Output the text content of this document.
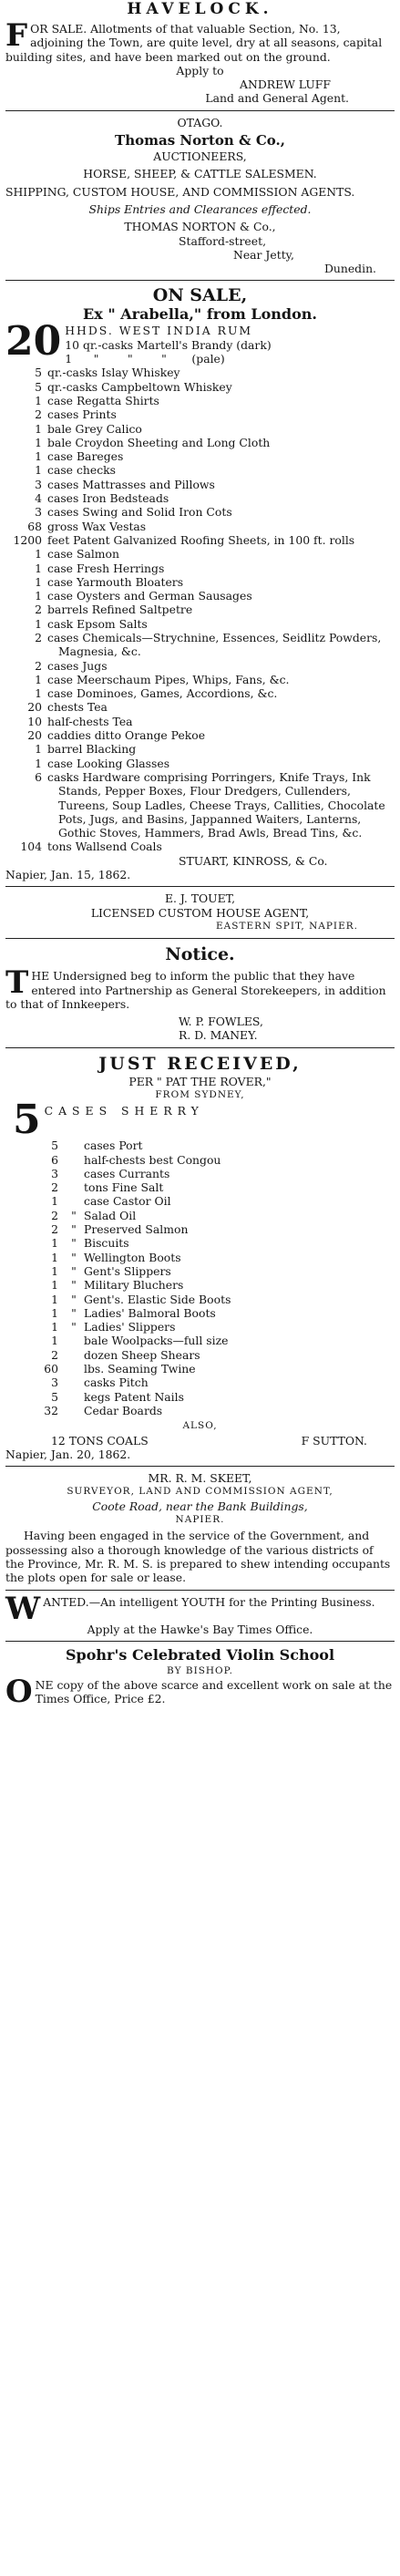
HAVELOCK.
F OR SALE. Allotments of that valuable Section, No. 13, adjoining the Town, are quite level, dry at all seasons, capital building sites, and have been marked out on the ground.
Apply to
ANDREW LUFF
Land and General Agent.
OTAGO.
Thomas Norton & Co.,
AUCTIONEERS,
HORSE, SHEEP, & CATTLE SALESMEN.
SHIPPING, CUSTOM HOUSE, AND COMMISSION AGENTS.
Ships Entries and Clearances effected.
THOMAS NORTON & Co.,
Stafford-street,
Near Jetty,
Dunedin.
ON SALE,
Ex " Arabella," from London.
20 HHDS. WEST INDIA RUM
10 qr.-casks Martell's Brandy (dark)
1      "        "        "       (pale)
5 qr.-casks Islay Whiskey
5 qr.-casks Campbeltown Whiskey
1 case Regatta Shirts
2 cases Prints
1 bale Grey Calico
1 bale Croydon Sheeting and Long Cloth
1 case Bareges
1 case checks
3 cases Mattrasses and Pillows
4 cases Iron Bedsteads
3 cases Swing and Solid Iron Cots
68 gross Wax Vestas
1200 feet Patent Galvanized Roofing Sheets, in 100 ft. rolls
1 case Salmon
1 case Fresh Herrings
1 case Yarmouth Bloaters
1 case Oysters and German Sausages
2 barrels Refined Saltpetre
1 cask Epsom Salts
2 cases Chemicals—Strychnine, Essences, Seidlitz Powders, Magnesia, &c.
2 cases Jugs
1 case Meerschaum Pipes, Whips, Fans, &c.
1 case Dominoes, Games, Accordions, &c.
20 chests Tea
10 half-chests Tea
20 caddies ditto Orange Pekoe
1 barrel Blacking
1 case Looking Glasses
6 casks Hardware comprising Porringers, Knife Trays, Ink Stands, Pepper Boxes, Flour Dredgers, Cullenders, Tureens, Soup Ladles, Cheese Trays, Callities, Chocolate Pots, Jugs, and Basins, Jappanned Waiters, Lanterns, Gothic Stoves, Hammers, Brad Awls, Bread Tins, &c.
104 tons Wallsend Coals
STUART, KINROSS, & Co.
Napier, Jan. 15, 1862.
E. J. TOUET,
LICENSED CUSTOM HOUSE AGENT,
EASTERN SPIT, NAPIER.
Notice.
T HE Undersigned beg to inform the public that they have entered into Partnership as General Storekeepers, in addition to that of Innkeepers.
W. P. FOWLES,
R. D. MANEY.
JUST RECEIVED,
PER " PAT THE ROVER,"
FROM SYDNEY,
5 CASES SHERRY
5	cases Port
6	half-chests best Congou
3	cases Currants
2	tons Fine Salt
1	case Castor Oil
2	" Salad Oil
2	" Preserved Salmon
1	" Biscuits
1	" Wellington Boots
1	" Gent's Slippers
1	" Military Bluchers
1	" Gent's. Elastic Side Boots
1	" Ladies' Balmoral Boots
1	" Ladies' Slippers
1	bale Woolpacks—full size
2	dozen Sheep Shears
60	lbs. Seaming Twine
3	casks Pitch
5	kegs Patent Nails
32	Cedar Boards
ALSO,
12 TONS COALS	F SUTTON.
Napier, Jan. 20, 1862.
MR. R. M. SKEET,
SURVEYOR, LAND AND COMMISSION AGENT,
Coote Road, near the Bank Buildings,
NAPIER.

Having been engaged in the service of the Government, and possessing also a thorough knowledge of the various districts of the Province, Mr. R. M. S. is prepared to shew intending occupants the plots open for sale or lease.

W ANTED.—An intelligent YOUTH for the Printing Business.
Apply at the Hawke's Bay Times Office.
Spohr's Celebrated Violin School
BY BISHOP.
O NE copy of the above scarce and excellent work on sale at the Times Office, Price £2.
